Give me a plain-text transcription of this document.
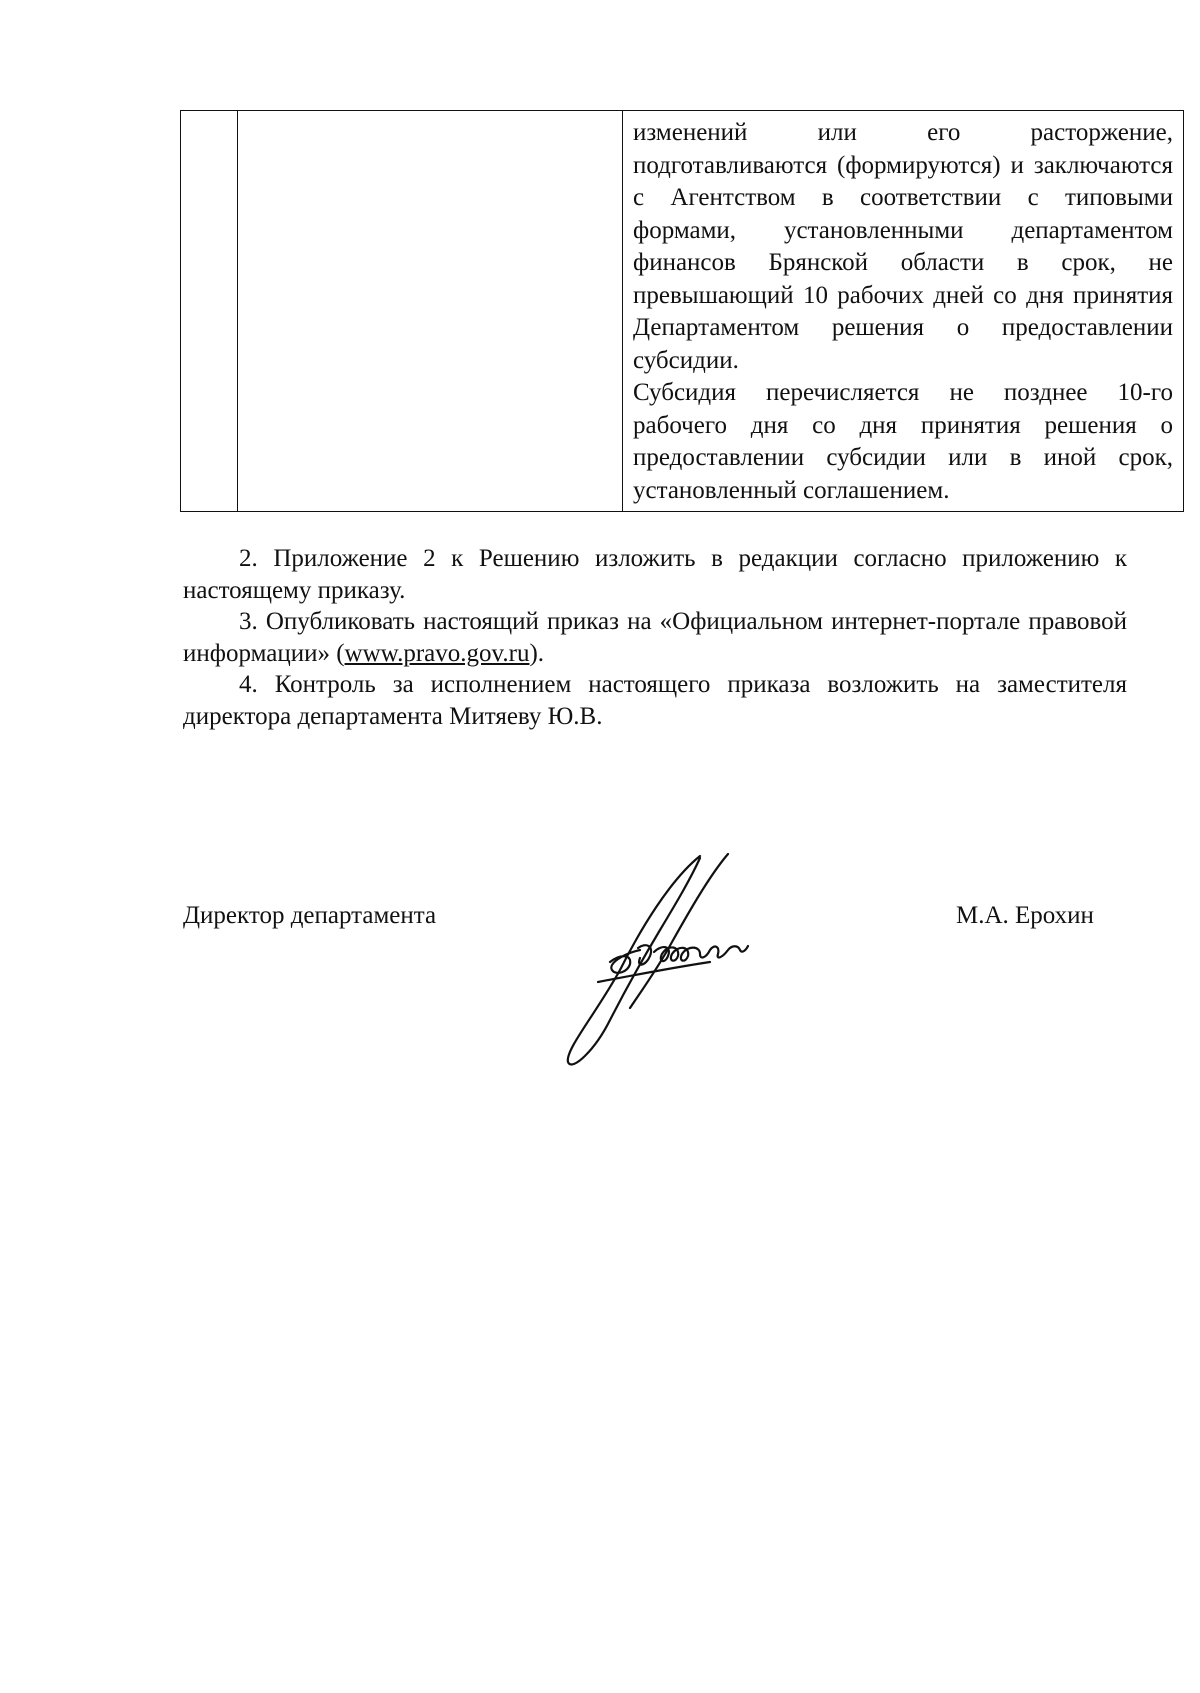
изменений или его расторжение, подготавливаются (формируются) и заключаются с Агентством в соответствии с типовыми формами, установленными департаментом финансов Брянской области в срок, не превышающий 10 рабочих дней со дня принятия Департаментом решения о предоставлении субсидии.

Субсидия перечисляется не позднее 10-го рабочего дня со дня принятия решения о предоставлении субсидии или в иной срок, установленный соглашением.

2. Приложение 2 к Решению изложить в редакции согласно приложению к настоящему приказу.

3. Опубликовать настоящий приказ на «Официальном интернет-портале правовой информации» (www.pravo.gov.ru).

4. Контроль за исполнением настоящего приказа возложить на заместителя директора департамента Митяеву Ю.В.

Директор департамента	М.А. Ерохин
